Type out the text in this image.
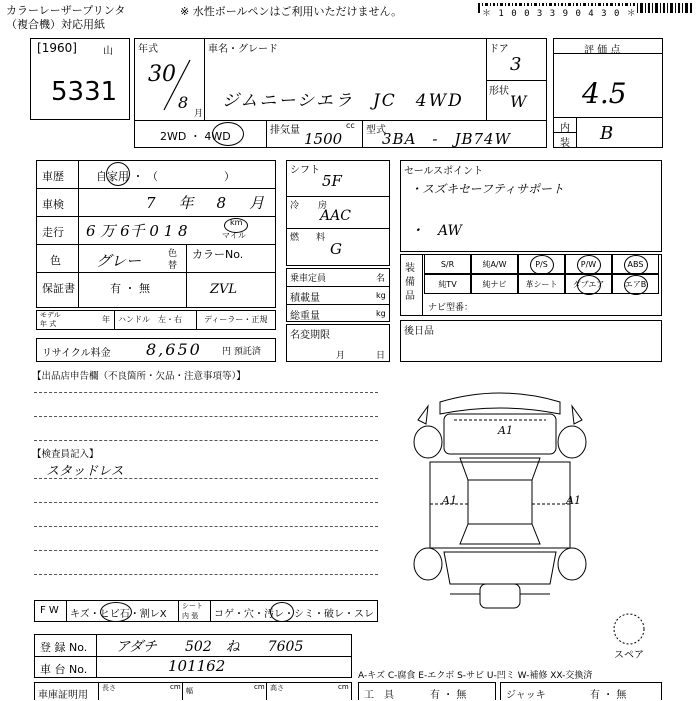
カラーレーザープリンタ
（複合機）対応用紙
※ 水性ボールペンはご利用いただけません。	＊ 1 0 0 3 3 9 0 4 3 0 ＊
[1960]	山
5331
年式
30
8
月
車名・グレード
ジムニーシエラ　JC　4WD
ドア
3
形状
W
2WD ・ 4WD	排気量	cc
1500 型式
3BA　-　JB74W
評 価 点
4.5
内
装 B
車歴	自家用 ・ （　　　　　　）
車検	7　年　8　月
走行 6 万 6千 0 1 8	km
マイル
色 グレー	色
替
保証書	有 ・ 無
カラーNo.
ZVL
モデル
年 式	年 ハンドル　左・右	ディーラー・正規
リサイクル料金 8,650 円 預託済
シフト
5F
冷 房
AAC
燃 料
G
乗車定員	名
積載量	kg
総重量	kg
名変期限
月	日
セールスポイント
・スズキセーフティサポート
・　AW
装備品
S/R	純A/W	P/S	P/W	ABS
純TV	純ナビ	革シート	ダブエア	エアB
ナビ型番：
後日品
【出品店申告欄（不良箇所・欠品・注意事項等）】
【検査員記入】
スタッドレス
F W キズ・ヒビ石・割レX
シート
内 張 コゲ・穴・汚レ・シミ・破レ・スレ
登 録 No. アダチ　　502　ね　　7605
車 台 No.	101162
車庫証明用
長さ	cm 幅	cm 高さ	cm
A1
A1	A1
スペア
A-キズ C-腐食 E-エクボ S-サビ U-凹ミ W-補修 XX-交換済
工　具	有 ・ 無	ジャッキ	有 ・ 無
